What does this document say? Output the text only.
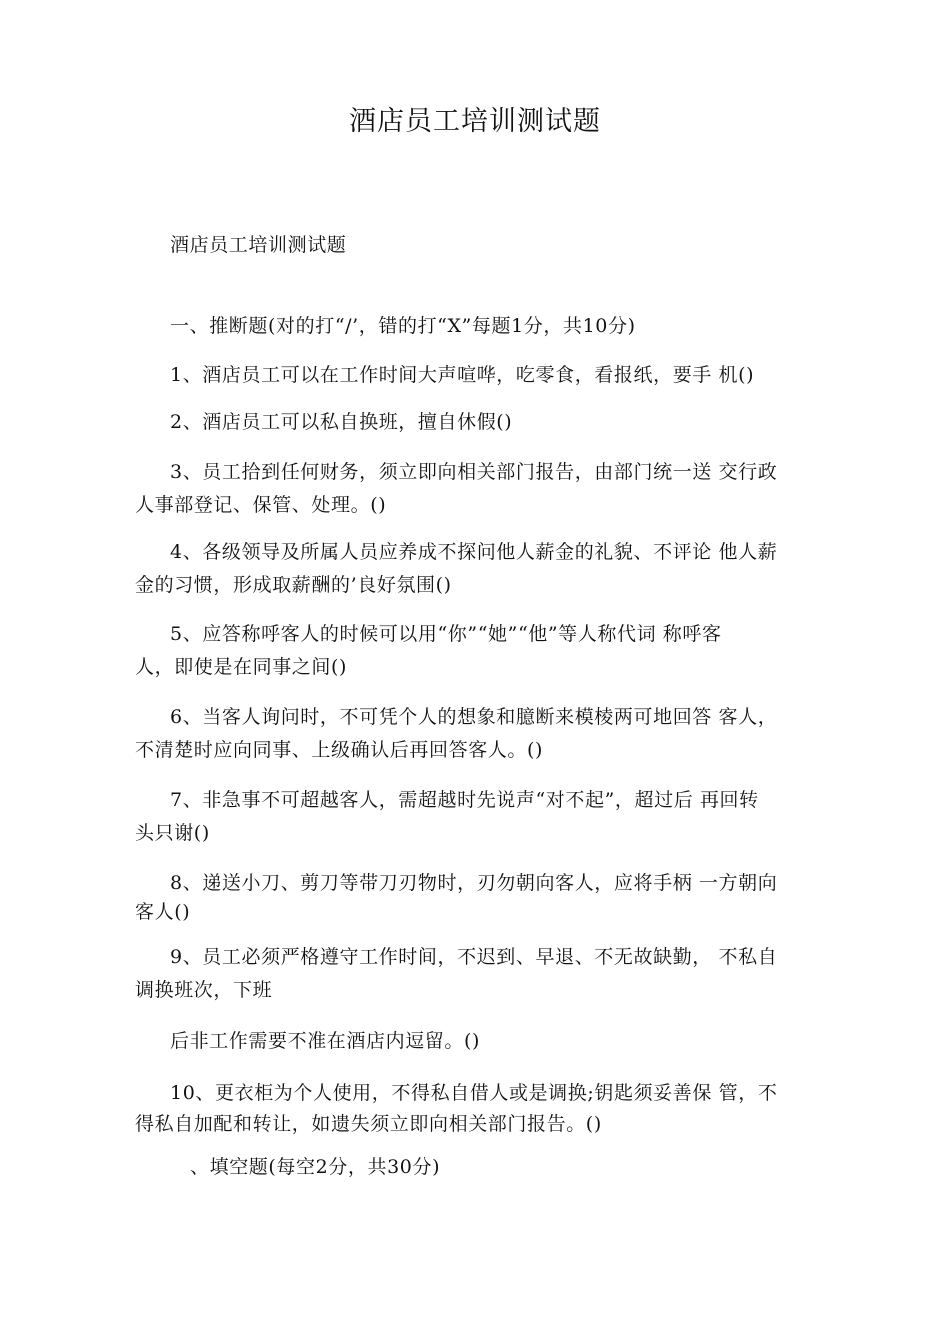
酒店员工培训测试题
酒店员工培训测试题
一、推断题(对的打“/’，错的打“X”每题1分，共10分)
1、酒店员工可以在工作时间大声喧哗，吃零食，看报纸，要手 机()
2、酒店员工可以私自换班，擅自休假()
3、员工拾到任何财务，须立即向相关部门报告，由部门统一送 交行政
人事部登记、保管、处理。()
4、各级领导及所属人员应养成不探问他人薪金的礼貌、不评论 他人薪
金的习惯，形成取薪酬的’良好氛围()
5、应答称呼客人的时候可以用“你”“她”“他”等人称代词 称呼客
人，即使是在同事之间()
6、当客人询问时，不可凭个人的想象和臆断来模棱两可地回答 客人，
不清楚时应向同事、上级确认后再回答客人。()
7、非急事不可超越客人，需超越时先说声“对不起”，超过后 再回转
头只谢()
8、递送小刀、剪刀等带刀刃物时，刃勿朝向客人，应将手柄 一方朝向
客人()
9、员工必须严格遵守工作时间，不迟到、早退、不无故缺勤， 不私自
调换班次，下班
后非工作需要不准在酒店内逗留。()
10、更衣柜为个人使用，不得私自借人或是调换;钥匙须妥善保 管，不
得私自加配和转让，如遗失须立即向相关部门报告。()
、填空题(每空2分，共30分)
